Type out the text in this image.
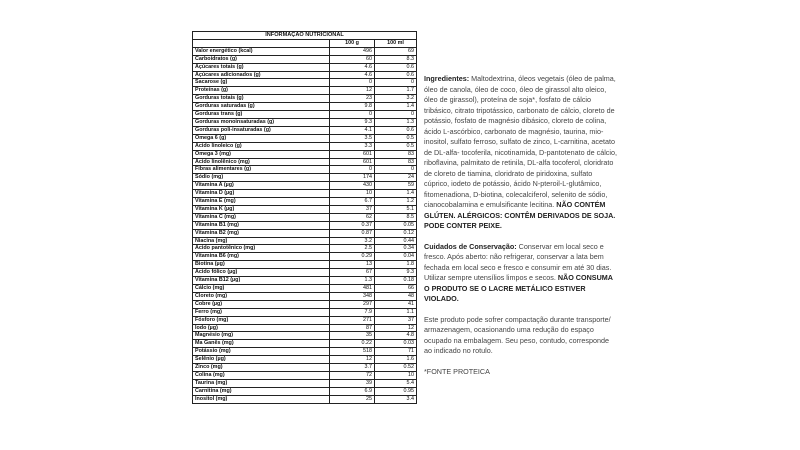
INFORMAÇÃO NUTRICIONAL		
	100 g	100 ml
Valor energético (kcal)	496	69
Carboidratos (g)	60	8.3
Açúcares totais (g)	4.6	0.6
Açúcares adicionados (g)	4.6	0.6
Sacarose (g)	0	0
Proteínas (g)	12	1.7
Gorduras totais (g)	23	3.2
Gorduras saturadas (g)	9.8	1.4
Gorduras trans (g)	0	0
Gorduras monoinsaturadas (g)	9.3	1.3
Gorduras poli-insaturadas (g)	4.1	0.6
Ômega 6 (g)	3.5	0.5
Ácido linoleico (g)	3.3	0.5
Ômega 3 (mg)	601	83
Ácido linolênico (mg)	601	83
Fibras alimentares (g)	0	0
Sódio (mg)	174	24
Vitamina A (µg)	430	59
Vitamina D (µg)	10	1.4
Vitamina E (mg)	6.7	1.2
Vitamina K (µg)	37	5.1
Vitamina C (mg)	62	8.5
Vitamina B1 (mg)	0.37	0.05
Vitamina B2 (mg)	0.87	0.12
Niacina (mg)	3.2	0.44
Ácido pantotênico (mg)	2.5	0.34
Vitamina B6 (mg)	0.29	0.04
Biotina (µg)	13	1.8
Ácido fólico (µg)	67	9.3
Vitamina B12 (µg)	1.3	0.18
Cálcio (mg)	481	66
Cloreto (mg)	348	48
Cobre (µg)	297	41
Ferro (mg)	7.9	1.1
Fósforo (mg)	271	37
Iodo (µg)	87	12
Magnésio (mg)	35	4.8
Ma Ganês (mg)	0.22	0.03
Potássio (mg)	518	71
Selênio (µg)	12	1.6
Zinco (mg)	3.7	0.52
Colina (mg)	72	10
Taurina (mg)	39	5.4
Carnitina (mg)	6.9	0.95
Inositol (mg)	25	3.4

Ingredientes: Maltodextrina, óleos vegetais (óleo de palma, óleo de canola, óleo de coco, óleo de girassol alto oleico, óleo de girassol), proteína de soja*, fosfato de cálcio tribásico, citrato tripotássico, carbonato de cálcio, cloreto de potássio, fosfato de magnésio dibásico, cloreto de colina, ácido L-ascórbico, carbonato de magnésio, taurina, mio-inositol, sulfato ferroso, sulfato de zinco, L-carnitina, acetato de DL-alfa- tocoferila, nicotinamida, D-pantotenato de cálcio, riboflavina, palmitato de retinila, DL-alfa tocoferol, cloridrato de cloreto de tiamina, cloridrato de piridoxina, sulfato cúprico, iodeto de potássio, ácido N-pteroil-L-glutâmico, fitomenadiona, D-biotina, colecalciferol, selenito de sódio, cianocobalamina e emulsificante lecitina. NÃO CONTÉM GLÚTEN. ALÉRGICOS: CONTÊM DERIVADOS DE SOJA. PODE CONTER PEIXE.

Cuidados de Conservação: Conservar em local seco e fresco. Após aberto: não refrigerar, conservar a lata bem fechada em local seco e fresco e consumir em até 30 dias. Utilizar sempre utensílios limpos e secos. NÃO CONSUMA O PRODUTO SE O LACRE METÁLICO ESTIVER VIOLADO.

Este produto pode sofrer compactação durante transporte/ armazenagem, ocasionando uma redução do espaço ocupado na embalagem. Seu peso, contudo, corresponde ao indicado no rotulo.

*FONTE PROTEICA
